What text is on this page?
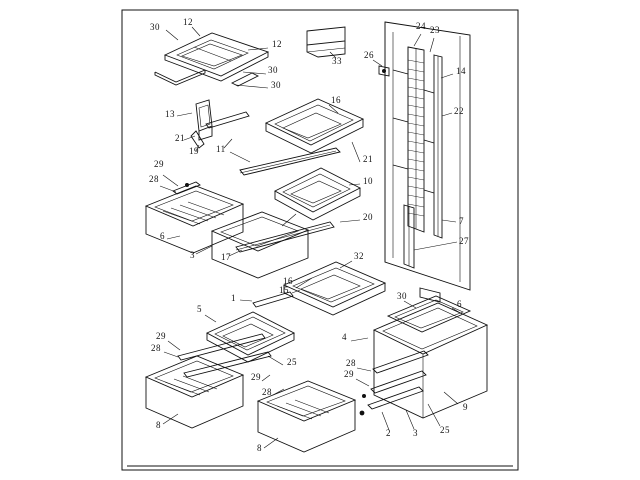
30	12
12
30
30
33
26
24 23
14
22
16
13
21
19 11
21
10
29
28
20	7
27
6
3	17	32
16
15
30
1
6
5
29
28
4
28
29
25
29
28
9
2 3 25
8
8
